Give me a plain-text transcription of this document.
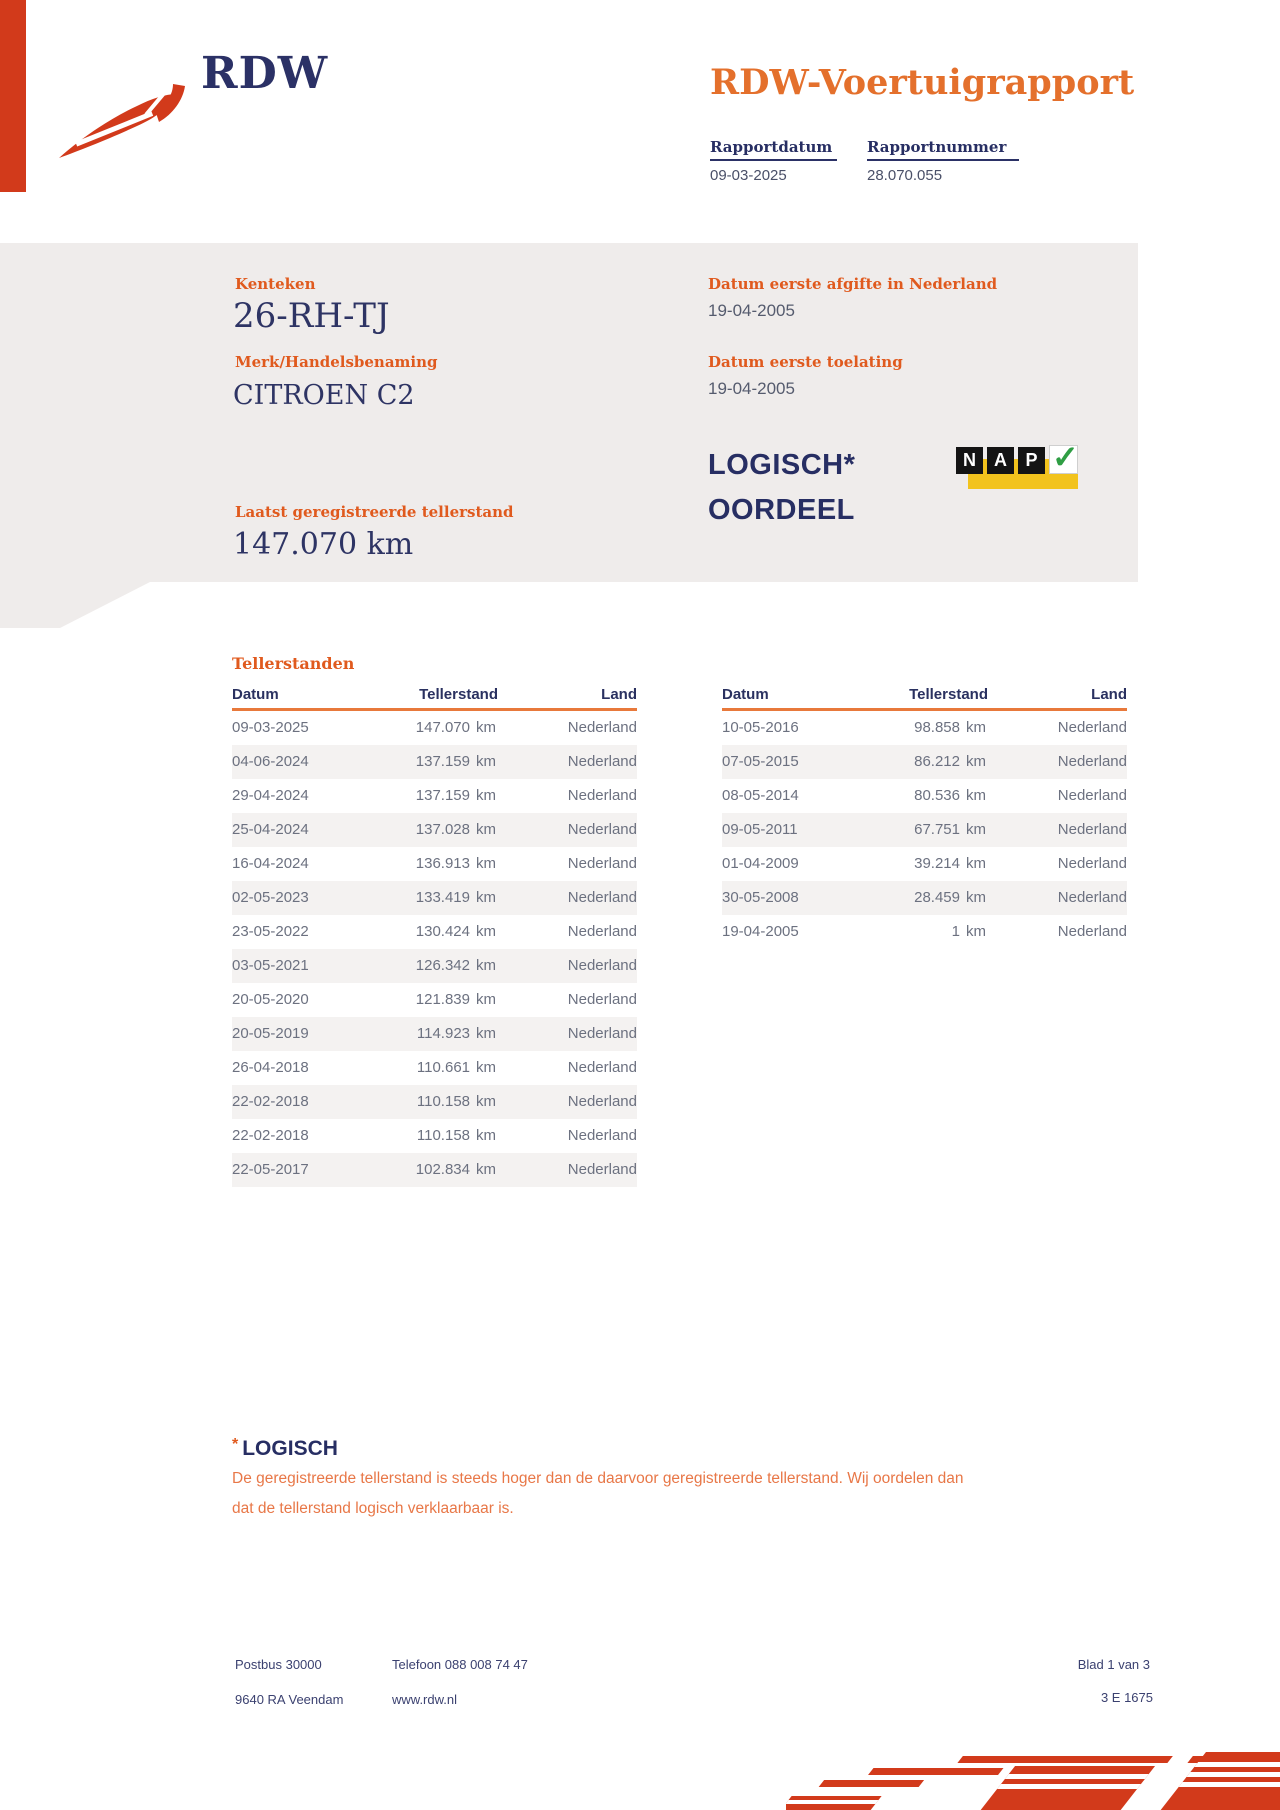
RDW	RDW-Voertuigrapport
Rapportdatum
09-03-2025
Rapportnummer
28.070.055
Kenteken
26-RH-TJ
Merk/Handelsbenaming
CITROEN C2
Laatst geregistreerde tellerstand
147.070 km
Datum eerste afgifte in Nederland
19-04-2005
Datum eerste toelating
19-04-2005
LOGISCH*
OORDEEL
N	A	P ✓
Tellerstanden
Datum	Tellerstand	Land
09-03-2025	147.070 km	Nederland
04-06-2024	137.159 km	Nederland
29-04-2024	137.159 km	Nederland
25-04-2024	137.028 km	Nederland
16-04-2024	136.913 km	Nederland
02-05-2023	133.419 km	Nederland
23-05-2022	130.424 km	Nederland
03-05-2021	126.342 km	Nederland
20-05-2020	121.839 km	Nederland
20-05-2019	114.923 km	Nederland
26-04-2018	110.661 km	Nederland
22-02-2018	110.158 km	Nederland
22-02-2018	110.158 km	Nederland
22-05-2017	102.834 km	Nederland
Datum	Tellerstand	Land
10-05-2016	98.858 km	Nederland
07-05-2015	86.212 km	Nederland
08-05-2014	80.536 km	Nederland
09-05-2011	67.751 km	Nederland
01-04-2009	39.214 km	Nederland
30-05-2008	28.459 km	Nederland
19-04-2005	1 km	Nederland
* LOGISCH
De geregistreerde tellerstand is steeds hoger dan de daarvoor geregistreerde tellerstand. Wij oordelen dan
dat de tellerstand logisch verklaarbaar is.
Postbus 30000
9640 RA Veendam
Telefoon 088 008 74 47
www.rdw.nl
Blad 1 van 3
3 E 1675
